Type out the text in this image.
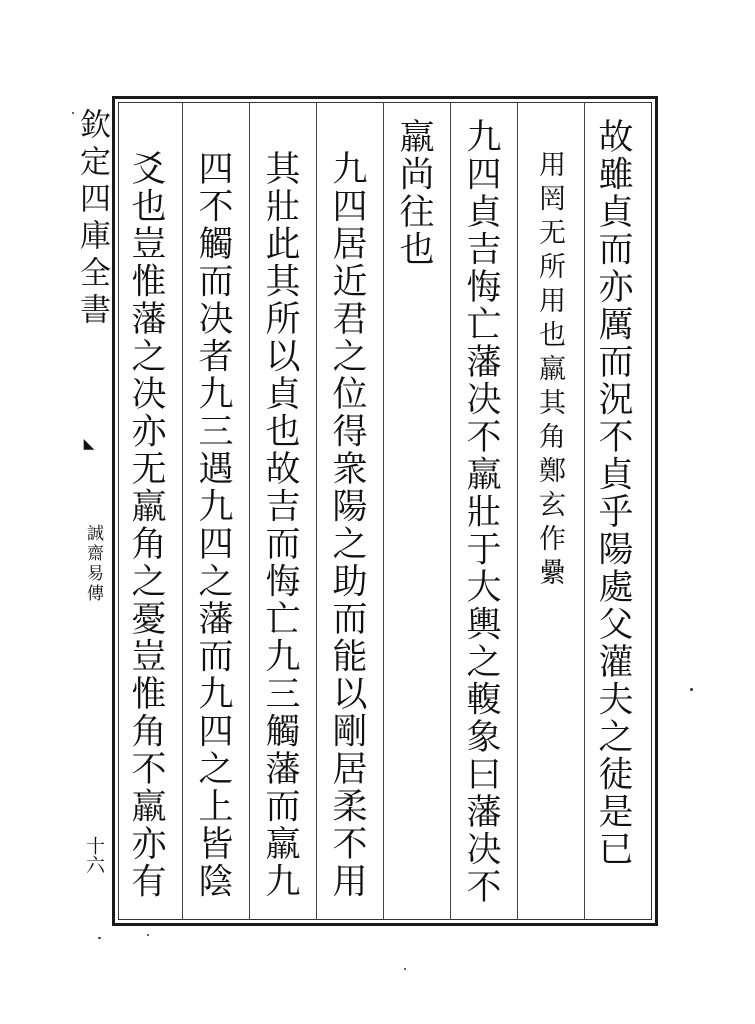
故雖貞而亦厲而況不貞乎陽處父灌夫之徒是已
用罔无所用也羸其角鄭玄作纍
九四貞吉悔亡藩决不羸壯于大輿之輹象曰藩决不
羸尚往也
九四居近君之位得衆陽之助而能以剛居柔不用
其壯此其所以貞也故吉而悔亡九三觸藩而羸九
四不觸而决者九三遇九四之藩而九四之上皆陰
爻也豈惟藩之决亦无羸角之憂豈惟角不羸亦有
欽定四庫全書
◣
誠齋易傳
十六
